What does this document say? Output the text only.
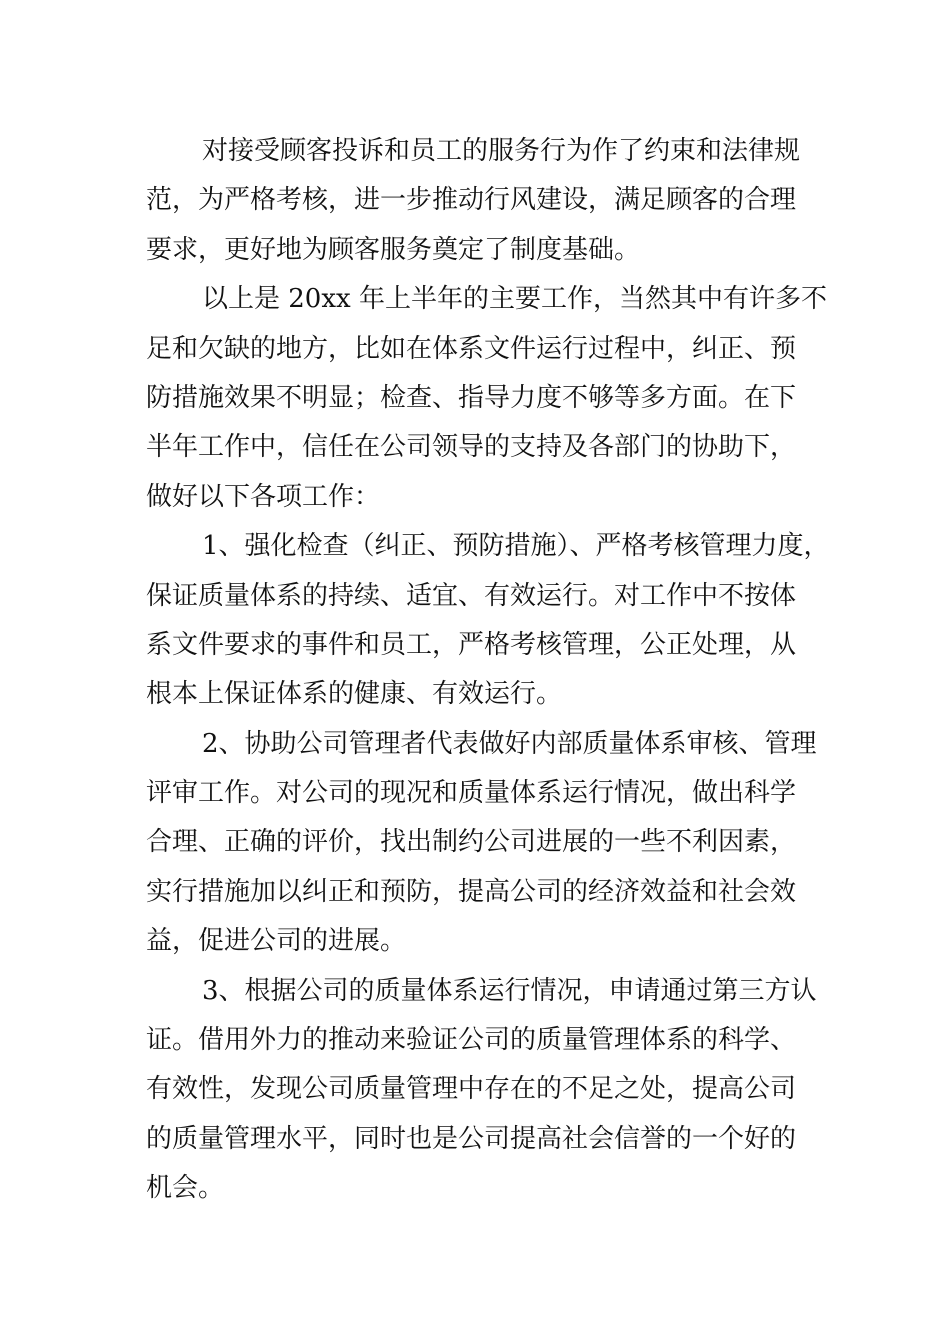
对接受顾客投诉和员工的服务行为作了约束和法律规
范，为严格考核，进一步推动行风建设，满足顾客的合理
要求，更好地为顾客服务奠定了制度基础。
以上是 20xx 年上半年的主要工作，当然其中有许多不
足和欠缺的地方，比如在体系文件运行过程中，纠正、预
防措施效果不明显；检查、指导力度不够等多方面。在下
半年工作中，信任在公司领导的支持及各部门的协助下，
做好以下各项工作：
1、强化检查（纠正、预防措施）、严格考核管理力度，
保证质量体系的持续、适宜、有效运行。对工作中不按体
系文件要求的事件和员工，严格考核管理，公正处理，从
根本上保证体系的健康、有效运行。
2、协助公司管理者代表做好内部质量体系审核、管理
评审工作。对公司的现况和质量体系运行情况，做出科学
合理、正确的评价，找出制约公司进展的一些不利因素，
实行措施加以纠正和预防，提高公司的经济效益和社会效
益，促进公司的进展。
3、根据公司的质量体系运行情况，申请通过第三方认
证。借用外力的推动来验证公司的质量管理体系的科学、
有效性，发现公司质量管理中存在的不足之处，提高公司
的质量管理水平，同时也是公司提高社会信誉的一个好的
机会。
